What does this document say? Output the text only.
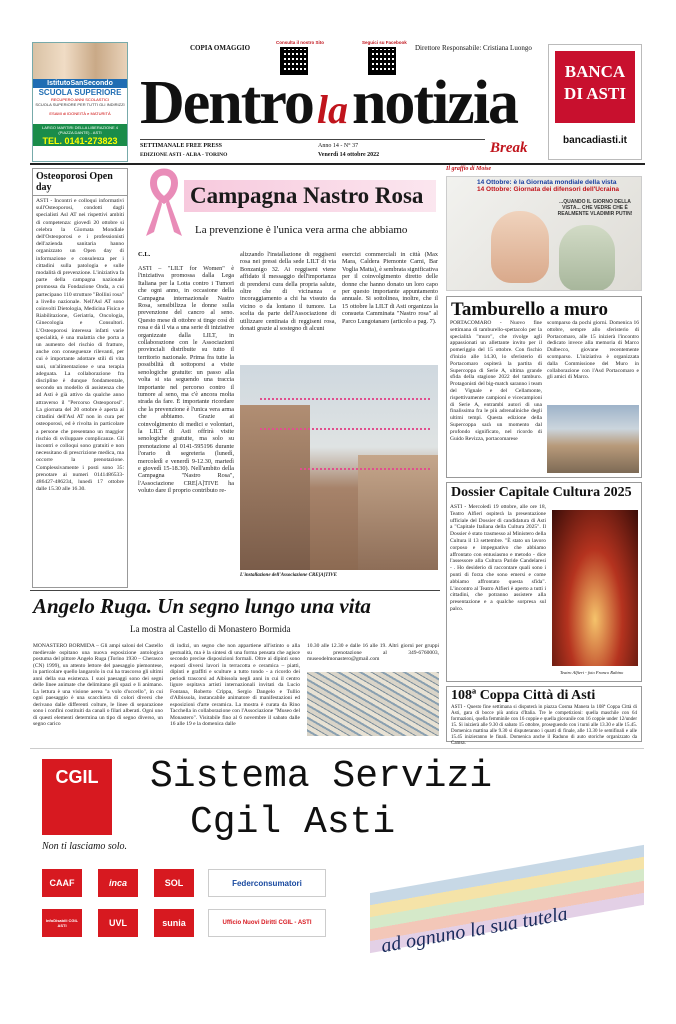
IstitutoSanSecondo
SCUOLA SUPERIORE
RECUPERO ANNI SCOLASTICI
SCUOLA SUPERIORE PER TUTTI GLI INDIRIZZI
ESAMI di IDONEITÀ e MATURITÀ
LARGO MARTIRI DELLA LIBERAZIONE 4 (PIAZZA DANTE) - ASTI
TEL. 0141-273823
COPIA OMAGGIO
Consulta il nostro Sito	Seguici su Facebook
Direttore Responsabile: Cristiana Luongo
Dentro la notizia
Break
SETTIMANALE FREE PRESS
EDIZIONE ASTI - ALBA - TORINO
Anno 14 - N° 37
Venerdì 14 ottobre 2022
BANCA
DI ASTI
bancadiasti.it
Osteoporosi Open day
ASTI - Incontri e colloqui informativi sull'Osteoporosi, condotti dagli specialisti Asl AT nei rispettivi ambiti di competenza: giovedì 20 ottobre si celebra la Giornata Mondiale dell'Osteoporosi e i professionisti dell'azienda sanitaria hanno organizzato un Open day di informazione e consulenza per i cittadini sulla patologia e sulle modalità di prevenzione. L'iniziativa fa parte della campagna nazionale promossa da Fondazione Onda, a cui partecipano 110 strutture "Bollini rosa" a livello nazionale. Nell'Asl AT sono coinvolti Dietologia, Medicina Fisica e Riabilitazione, Geriatria, Oncologia, Ginecologia e Consultori. L'Osteoporosi interessa infatti varie specialità, è una malattia che porta a un aumento del rischio di fratture, anche con conseguenze rilevanti, per cui è importante adottare stili di vita sani, un'alimentazione e una terapia adeguata. La collaborazione fra discipline è dunque fondamentale, secondo un modello di assistenza che ad Asti è già attivo da qualche anno attraverso il "Percorso Osteoporosi". La giornata del 20 ottobre è aperta ai cittadini dell'Asl AT non in cura per osteoporosi, ed è rivolta in particolare a persone che presentano un maggior rischio di sviluppare complicanze. Gli incontri e colloqui sono gratuiti e non necessitano di prescrizione medica, ma occorre la prenotazione. Complessivamente i posti sono 35: prenotare ai numeri 0141486533-486427-486234, lunedì 17 ottobre dalle 15.30 alle 16.30.
Campagna Nastro Rosa
La prevenzione è l'unica vera arma che abbiamo
C.L.
ASTI – "LILT for Women" è l'iniziativa promossa dalla Lega Italiana per la Lotta contro i Tumori che ogni anno, in occasione della Campagna internazionale Nastro Rosa, sensibilizza le donne sulla prevenzione del cancro al seno. Questo mese di ottobre si tinge così di rosa e dà il via a una serie di iniziative organizzate dalla LILT, in collaborazione con le Associazioni provinciali distribuite su tutto il territorio nazionale. Prima fra tutte la possibilità di sottoporsi a visite senologiche gratuite: un passo alla volta si sta seguendo una traccia importante nel percorso contro il tumore al seno, ma c'è ancora molta strada da fare. È importante ricordare che la prevenzione è l'unica vera arma che abbiamo. Grazie ai coinvolgimento di medici e volontari, la LILT di Asti offrirà visite senologiche gratuite, ma solo su prenotazione al 0141-595196 durante l'orario di segreteria (lunedì, mercoledì e venerdì 9-12.30, martedì e giovedì 15-18.30). Nell'ambito della Campagna "Nastro Rosa", l'Associazione CRE[A]TIVE ha voluto dare il proprio contributo re-
alizzando l'installazione di reggiseni rosa nei pressi della sede LILT di via Bonzanigo 32. Ai reggiseni viene affidato il messaggio dell'importanza di prendersi cura della propria salute, oltre che di vicinanza e incoraggiamento a chi ha vissuto da vicino o da lontano il tumore. La scelta da parte dell'Associazione di utilizzare centinaia di reggiseni rosa, donati grazie al sostegno di alcuni
esercizi commerciali in città (Max Mara, Caldera Piemonte Carni, Bar Voglia Matta), è sembrata significativa per il coinvolgimento diretto delle donne che hanno donato un loro capo per questo importante appuntamento annuale. Si sottolinea, inoltre, che il 15 ottobre la LILT di Asti organizza la consueta Camminata "Nastro rosa" al Parco Lungotanaro (articolo a pag. 7).
L'installazione dell'Associazione CRE[A]TIVE
Il graffio di Moise
14 Ottobre: è la Giornata mondiale della vista
14 Ottobre: Giornata dei difensori dell'Ucraina
...QUANDO IL GIORNO DELLA VISTA... CHE VEDRE CHE È REALMENTE VLADIMIR PUTIN!
Tamburello a muro
PORTACOMARO - Nuovo fine settimana di tamburello-spettacolo per la specialità "muro", che rivolge agli appassionati un allettante invito per il pomeriggio del 15 ottobre. Con fischio d'inizio alle 14.30, lo sferisterio di Portacomaro ospiterà la partita di Supercoppa di Serie A, ultima grande sfida della stagione 2022 del tamburo. Protagonisti del big-match saranno i team del Vignale e del Cellamonte, rispettivamente campioni e vicecampioni di Serie A, entrambi autori di una finalissima fra le più adrenaliniche degli ultimi tempi. Questa edizione della Supercoppa sarà un momento dal profondo significato, nel ricordo di Guido Revizza, portacomarese
scomparso da pochi giorni. Domenica 16 ottobre, sempre allo sferisterio di Portacomaro, alle 15 inizierà l'incontro dedicato invece alla memoria di Marco Dulbecco, giovane recentemente scomparso. L'iniziativa è organizzata dalla Commissione del Muro in collaborazione con l'Asd Portacomaro e gli amici di Marco.
Dossier Capitale Cultura 2025
ASTI - Mercoledì 19 ottobre, alle ore 18, Teatro Alfieri ospiterà la presentazione ufficiale del Dossier di candidatura di Asti a "Capitale Italiana della Cultura 2025". Il Dossier è stato trasmesso al Ministero della Cultura il 13 settembre. "È stato un lavoro corposo e impegnativo che abbiamo affrontato con entusiasmo e metodo - dice l'assessore alla Cultura Paride Candelaresi - . Ho desiderio di raccontare quali sono i punti di forza che sono emersi e come abbiamo affrontato questa sfida". L'incontro al Teatro Alfieri è aperto a tutti i cittadini, che potranno assistere alla presentazione e a qualche sorpresa sul palco.
Teatro Alfieri - foto Franco Rabino
Angelo Ruga. Un segno lungo una vita
La mostra al Castello di Monastero Bormida
MONASTERO BORMIDA – Gli ampi saloni del Castello medievale ospitano una nuova esposizione antologica postuma del pittore Angelo Ruga (Torino 1930 – Cherasco (CN) 1999), un attento lettore del paesaggio piemontese, in particolare quello langarolo in cui ha trascorso gli ultimi anni della sua esistenza. I suoi paesaggi sono dei segni delle linee animate che delimitano gli spazi e li animano. La lettura è una visione aerea "a volo d'uccello", in cui ogni paesaggio è una scacchiera di colori diversi che derivano dalle differenti colture, le linee di separazione sono i confini costituiti da canali o filari alberati. Ogni uno di questi elementi determina un tipo di segno diverso, un segno carico
di indizi, un segno che non appartiene all'istinto o alla gestualità, ma è la sintesi di una forma pensata che agisce secondo precise disposizioni formali. Oltre ai dipinti sono esposti diversi lavori in terracotta e ceramica – piatti, dipinti e graffiti e sculture a tutto tondo - a ricordo dei periodi trascorsi ad Albissola negli anni in cui il centro ligure ospitava artisti internazionali invitati da Lucio Fontana, Roberto Crippa, Sergio Dangelo e Tullio d'Albissola, instancabile animatore di manifestazioni ed esposizioni d'arte ceramica. La mostra è curata da Rino Tacchella in collaborazione con l'Associazione "Museo del Monastero". Visitabile fino al 6 novembre il sabato dalle 16 alle 19 e la domenica dalle
10.30 alle 12.30 e dalle 16 alle 19. Altri giorni per gruppi su prenotazione al 349-6760003, museodelmonastero@gmail.com
108ª Coppa Città di Asti
ASTI - Questo fine settimana si disputerà in piazza Cosma Manera la 108ª Coppa Città di Asti, gara di bocce più antica d'Italia. Tre le competizioni: quella maschile con 64 formazioni, quella femminile con 16 coppie e quella giovanile con 16 coppie under 12/under 15. Si inizierà alle 9.30 di sabato 15 ottobre, proseguendo con i turni alle 13.30 e alle 15.45. Domenica mattina alle 9.30 si disputeranno i quarti di finale, alle 13.30 le semifinali e alle 15.45 inizieranno le finali. Domenica anche il Raduno di auto storiche organizzato da Camsa.
CGIL	Sistema Servizi
Cgil Asti
Non ti lasciamo solo.
ad ognuno la sua tutela
CAAF	inca	SOL	Federconsumatori
InfoDisabili CGIL ASTI	UVL	sunia	Ufficio Nuovi Diritti CGIL - ASTI
